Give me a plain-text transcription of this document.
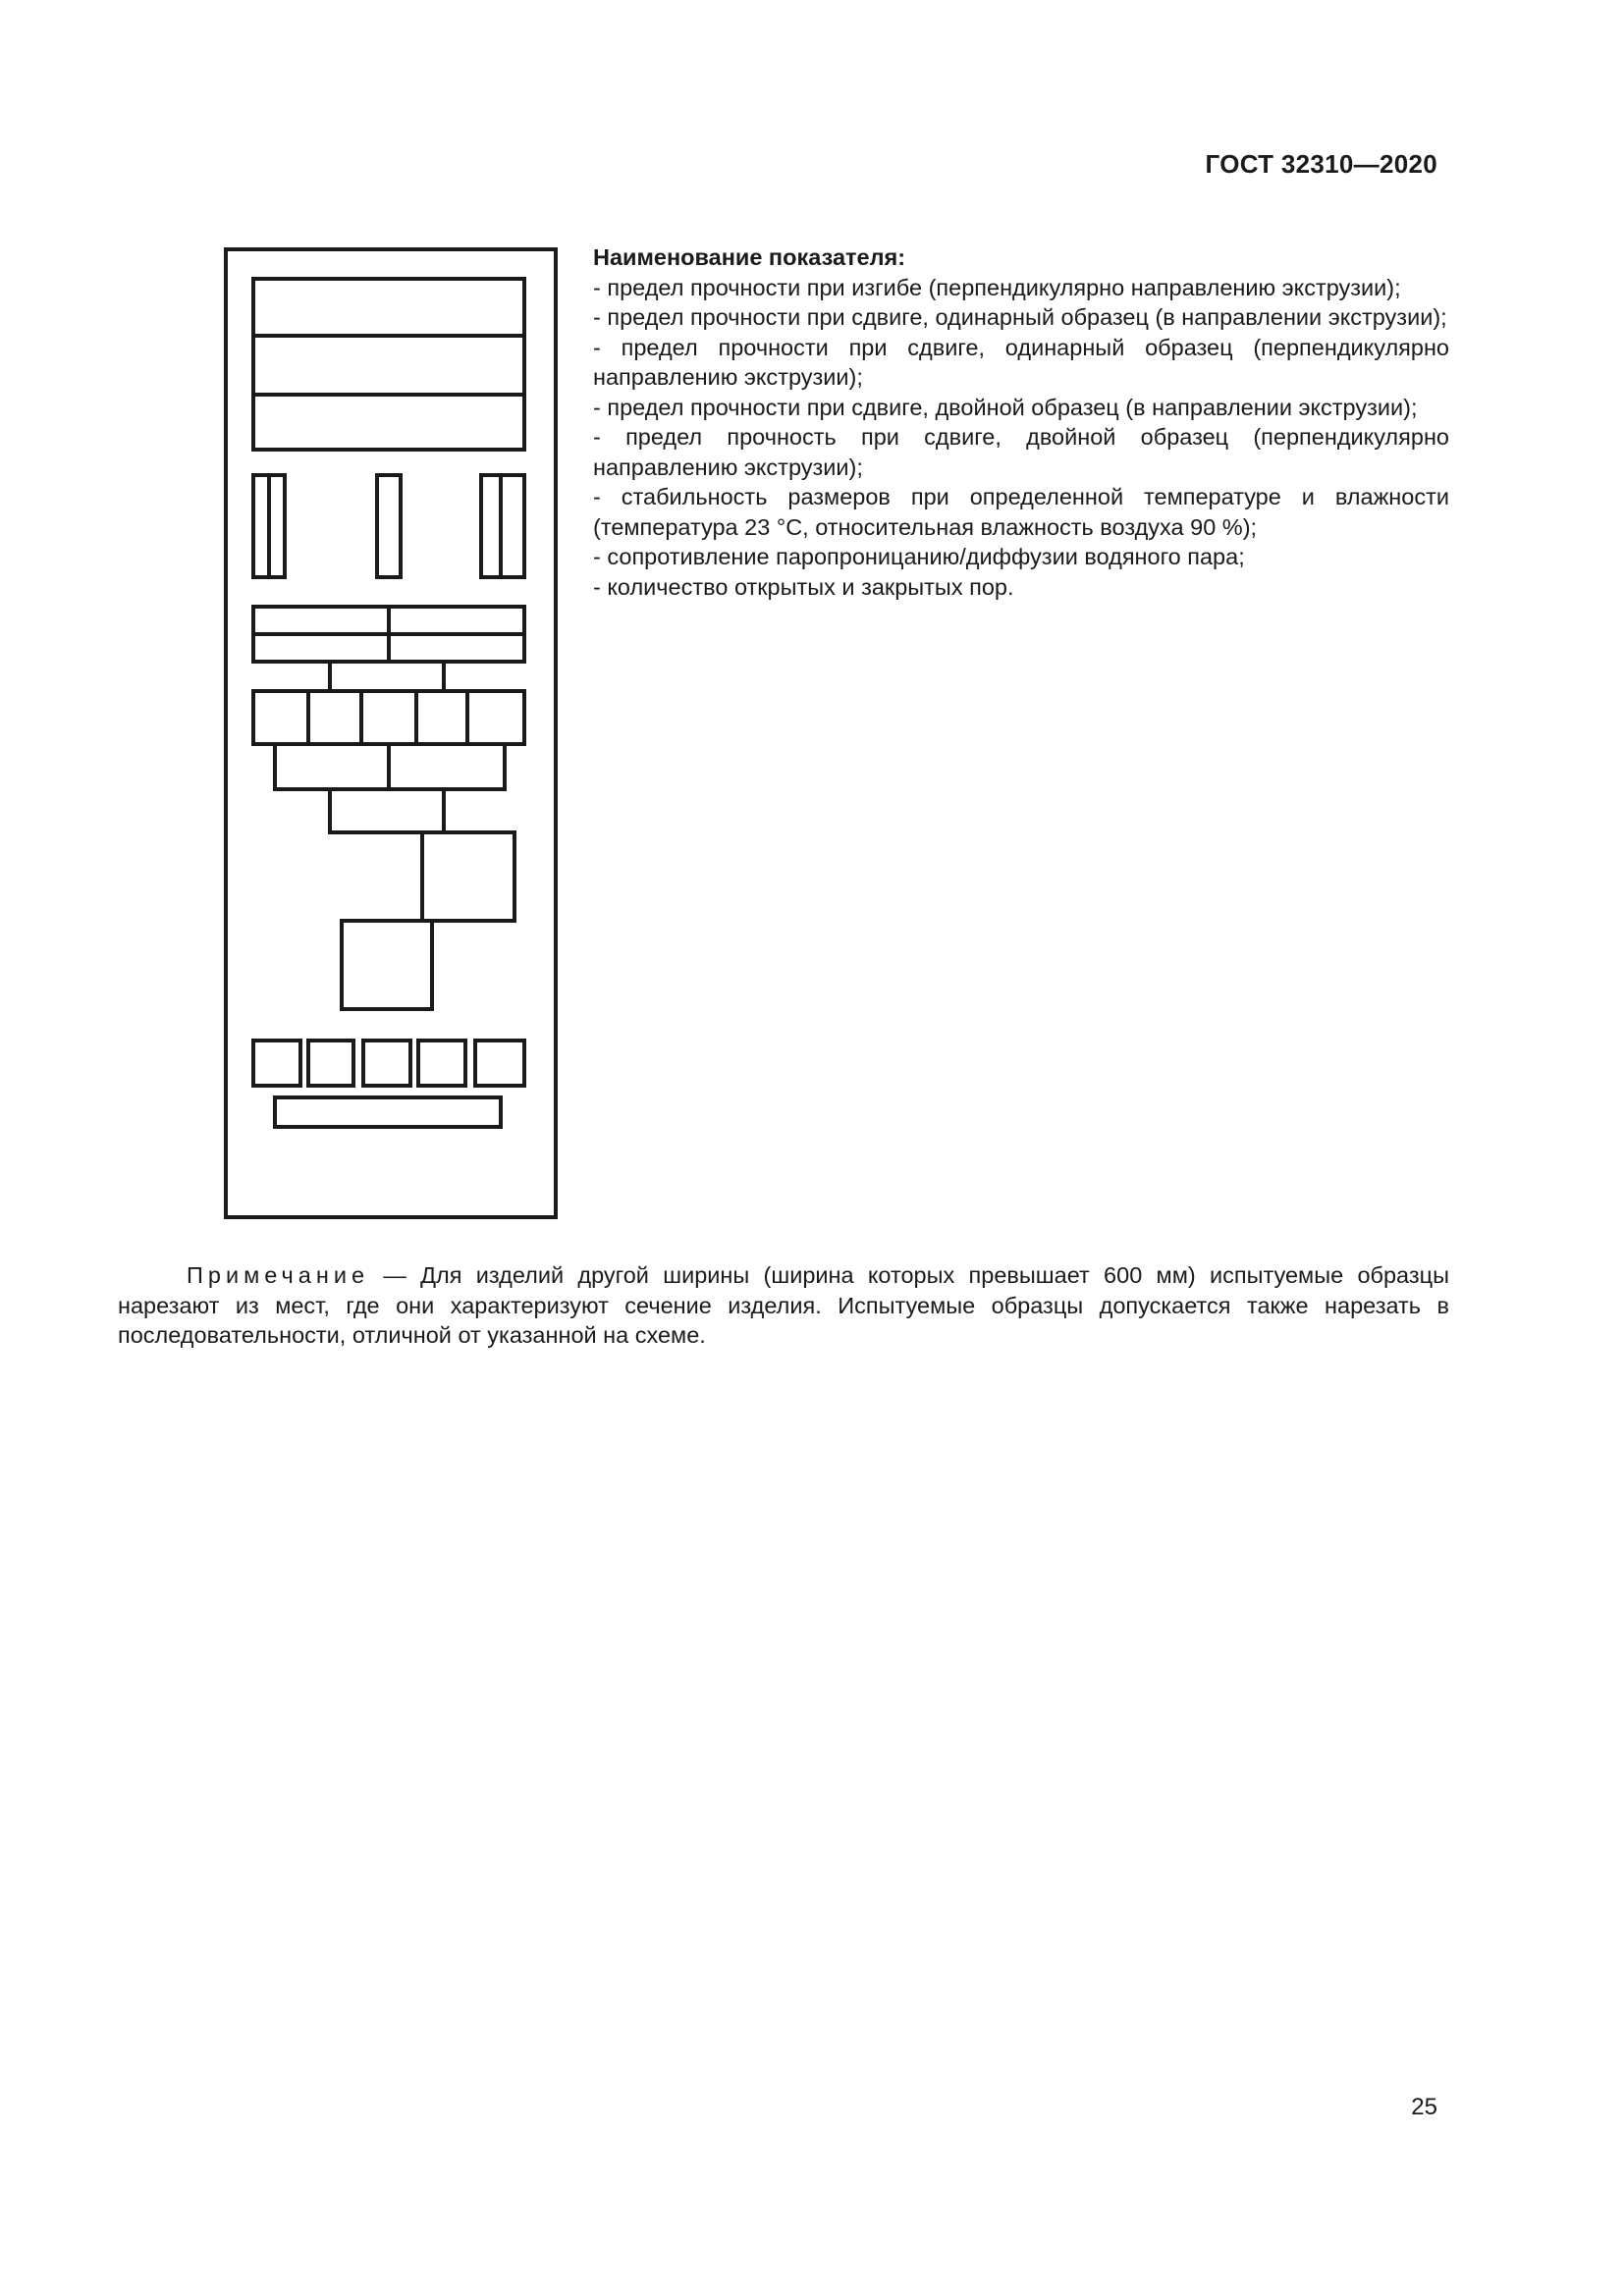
ГОСТ 32310—2020

Наименование показателя:

- предел прочности при изгибе (перпендикулярно направлению экструзии);
- предел прочности при сдвиге, одинарный образец (в направлении экструзии);
- предел прочности при сдвиге, одинарный образец (перпендикулярно направлению экструзии);
- предел прочности при сдвиге, двойной образец (в направлении экструзии);
- предел прочность при сдвиге, двойной образец (перпендикулярно направлению экструзии);
- стабильность размеров при определенной температуре и влажности (температура 23 °С, относительная влажность воздуха 90 %);
- сопротивление паропроницанию/диффузии водяного пара;
- количество открытых и закрытых пор.
Примечание — Для изделий другой ширины (ширина которых превышает 600 мм) испытуемые образцы нарезают из мест, где они характеризуют сечение изделия. Испытуемые образцы допускается также нарезать в последовательности, отличной от указанной на схеме.
25
